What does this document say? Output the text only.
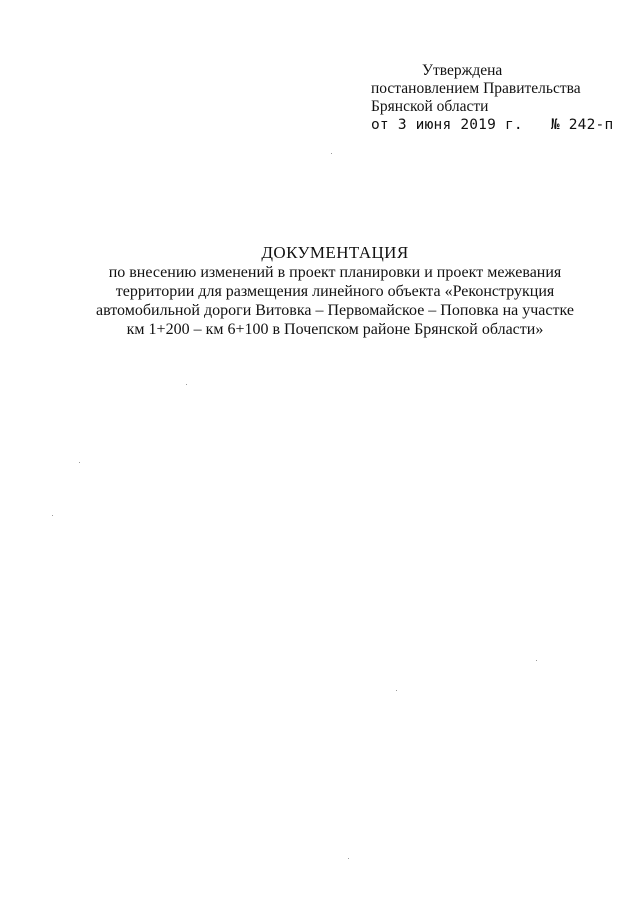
Утверждена
постановлением Правительства
Брянской области
от 3 июня 2019 г. № 242-п
ДОКУМЕНТАЦИЯ
по внесению изменений в проект планировки и проект межевания
территории для размещения линейного объекта «Реконструкция
автомобильной дороги Витовка – Первомайское – Поповка на участке
км 1+200 – км 6+100 в Почепском районе Брянской области»
